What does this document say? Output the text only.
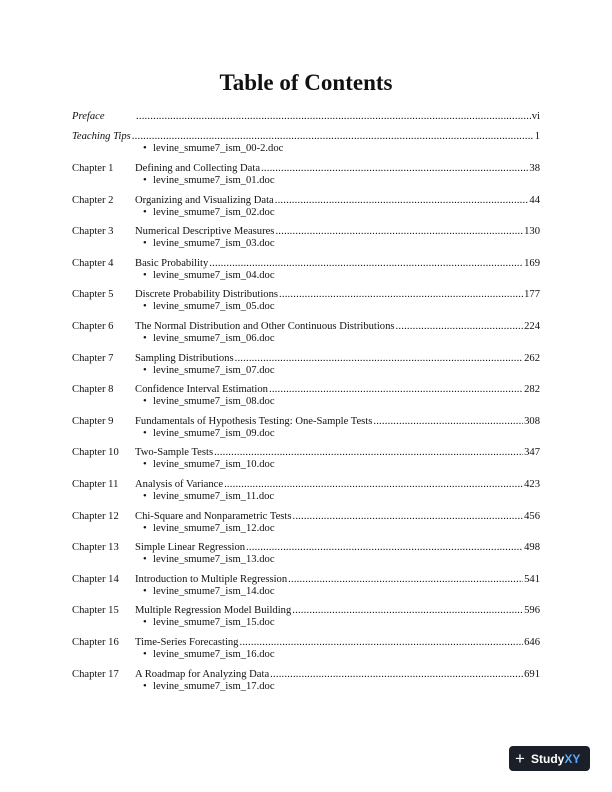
Table of Contents
Preface .....	vi
Teaching Tips .....	1
• levine_smume7_ism_00-2.doc
Chapter 1	Defining and Collecting Data .....	38
• levine_smume7_ism_01.doc
Chapter 2	Organizing and Visualizing Data .....	44
• levine_smume7_ism_02.doc
Chapter 3	Numerical Descriptive Measures .....	130
• levine_smume7_ism_03.doc
Chapter 4	Basic Probability .....	169
• levine_smume7_ism_04.doc
Chapter 5	Discrete Probability Distributions .....	177
• levine_smume7_ism_05.doc
Chapter 6	The Normal Distribution and Other Continuous Distributions .....	224
• levine_smume7_ism_06.doc
Chapter 7	Sampling Distributions .....	262
• levine_smume7_ism_07.doc
Chapter 8	Confidence Interval Estimation .....	282
• levine_smume7_ism_08.doc
Chapter 9	Fundamentals of Hypothesis Testing: One-Sample Tests .....	308
• levine_smume7_ism_09.doc
Chapter 10	Two-Sample Tests .....	347
• levine_smume7_ism_10.doc
Chapter 11	Analysis of Variance .....	423
• levine_smume7_ism_11.doc
Chapter 12	Chi-Square and Nonparametric Tests .....	456
• levine_smume7_ism_12.doc
Chapter 13	Simple Linear Regression .....	498
• levine_smume7_ism_13.doc
Chapter 14	Introduction to Multiple Regression .....	541
• levine_smume7_ism_14.doc
Chapter 15	Multiple Regression Model Building .....	596
• levine_smume7_ism_15.doc
Chapter 16	Time-Series Forecasting .....	646
• levine_smume7_ism_16.doc
Chapter 17	A Roadmap for Analyzing Data .....	691
• levine_smume7_ism_17.doc
+ Study XY
